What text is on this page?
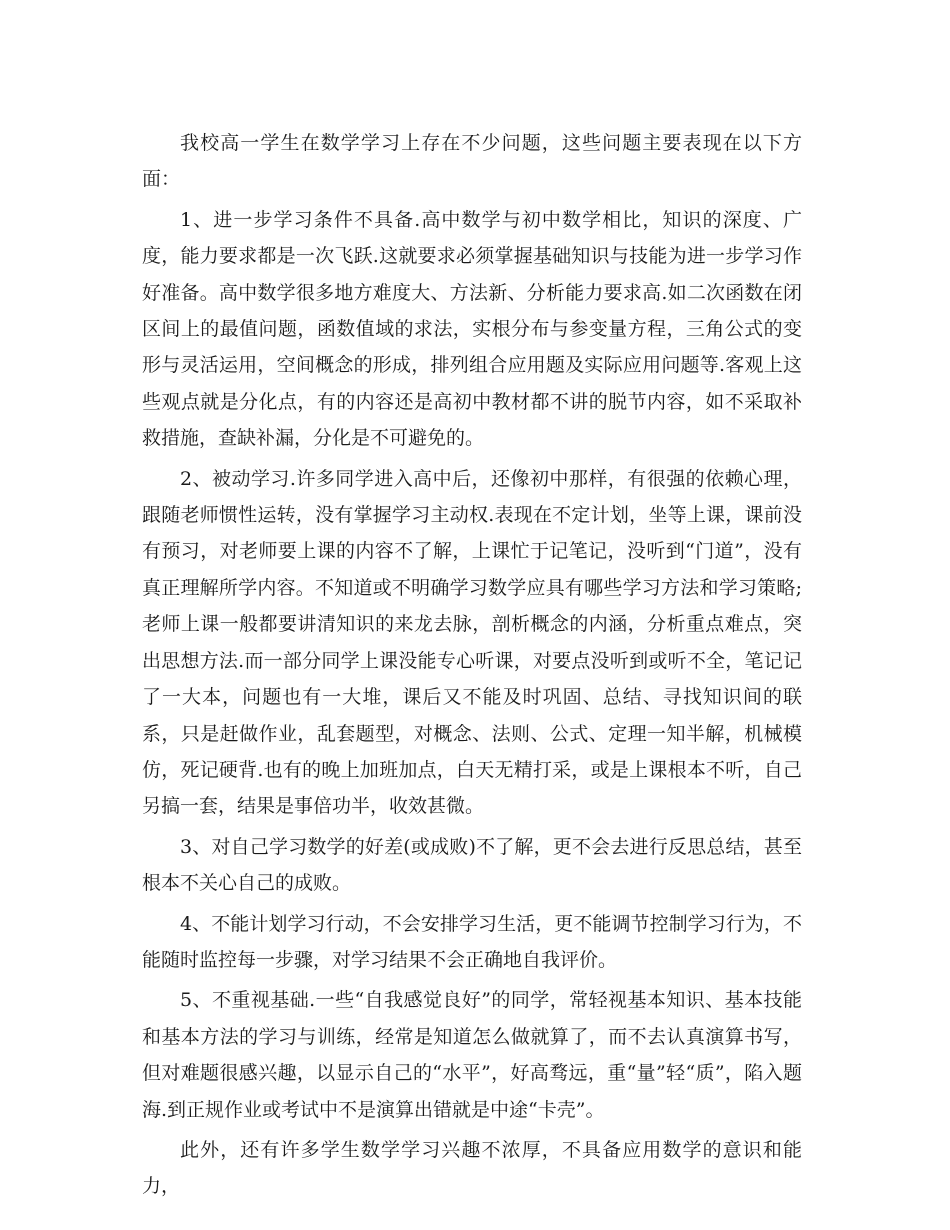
我校高一学生在数学学习上存在不少问题，这些问题主要表现在以下方面：

1、进一步学习条件不具备.高中数学与初中数学相比，知识的深度、广度，能力要求都是一次飞跃.这就要求必须掌握基础知识与技能为进一步学习作好准备。高中数学很多地方难度大、方法新、分析能力要求高.如二次函数在闭区间上的最值问题，函数值域的求法，实根分布与参变量方程，三角公式的变形与灵活运用，空间概念的形成，排列组合应用题及实际应用问题等.客观上这些观点就是分化点，有的内容还是高初中教材都不讲的脱节内容，如不采取补救措施，查缺补漏，分化是不可避免的。

2、被动学习.许多同学进入高中后，还像初中那样，有很强的依赖心理，跟随老师惯性运转，没有掌握学习主动权.表现在不定计划，坐等上课，课前没有预习，对老师要上课的内容不了解，上课忙于记笔记，没听到“门道”，没有真正理解所学内容。不知道或不明确学习数学应具有哪些学习方法和学习策略;老师上课一般都要讲清知识的来龙去脉，剖析概念的内涵，分析重点难点，突出思想方法.而一部分同学上课没能专心听课，对要点没听到或听不全，笔记记了一大本，问题也有一大堆，课后又不能及时巩固、总结、寻找知识间的联系，只是赶做作业，乱套题型，对概念、法则、公式、定理一知半解，机械模仿，死记硬背.也有的晚上加班加点，白天无精打采，或是上课根本不听，自己另搞一套，结果是事倍功半，收效甚微。

3、对自己学习数学的好差(或成败)不了解，更不会去进行反思总结，甚至根本不关心自己的成败。

4、不能计划学习行动，不会安排学习生活，更不能调节控制学习行为，不能随时监控每一步骤，对学习结果不会正确地自我评价。

5、不重视基础.一些“自我感觉良好”的同学，常轻视基本知识、基本技能和基本方法的学习与训练，经常是知道怎么做就算了，而不去认真演算书写，但对难题很感兴趣，以显示自己的“水平”，好高骛远，重“量”轻“质”，陷入题海.到正规作业或考试中不是演算出错就是中途“卡壳”。

此外，还有许多学生数学学习兴趣不浓厚，不具备应用数学的意识和能力，
